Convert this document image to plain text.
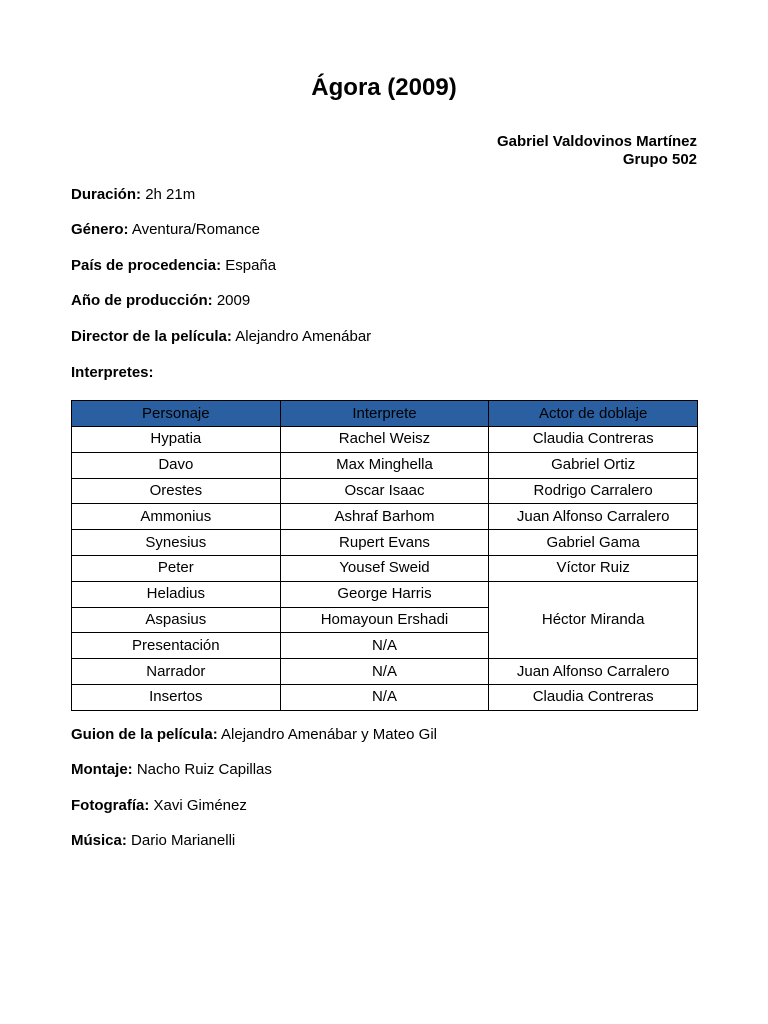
Ágora (2009)
Gabriel Valdovinos Martínez
Grupo 502
Duración: 2h 21m
Género: Aventura/Romance
País de procedencia: España
Año de producción: 2009
Director de la película: Alejandro Amenábar
Interpretes:
Personaje	Interprete	Actor de doblaje
Hypatia	Rachel Weisz	Claudia Contreras
Davo	Max Minghella	Gabriel Ortiz
Orestes	Oscar Isaac	Rodrigo Carralero
Ammonius	Ashraf Barhom	Juan Alfonso Carralero
Synesius	Rupert Evans	Gabriel Gama
Peter	Yousef Sweid	Víctor Ruiz
Heladius	George Harris	Héctor Miranda
Aspasius	Homayoun Ershadi	
Presentación	N/A	
Narrador	N/A	Juan Alfonso Carralero
Insertos	N/A	Claudia Contreras
Guion de la película: Alejandro Amenábar y Mateo Gil
Montaje: Nacho Ruiz Capillas
Fotografía: Xavi Giménez
Música: Dario Marianelli
